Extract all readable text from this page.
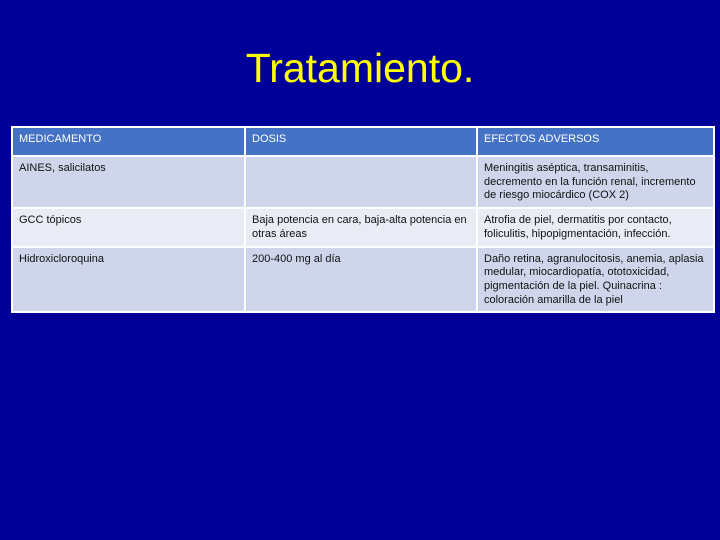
Tratamiento.
MEDICAMENTO	DOSIS	EFECTOS ADVERSOS
AINES, salicilatos		Meningitis aséptica, transaminitis, decremento en la función renal, incremento de riesgo miocárdico (COX 2)
GCC tópicos	Baja potencia en cara, baja-alta potencia en otras áreas	Atrofia de piel, dermatitis por contacto, foliculitis, hipopigmentación, infección.
Hidroxicloroquina	200-400 mg al día	Daño retina, agranulocitosis, anemia, aplasia medular, miocardiopatía, ototoxicidad, pigmentación de la piel. Quinacrina : coloración amarilla de la piel
